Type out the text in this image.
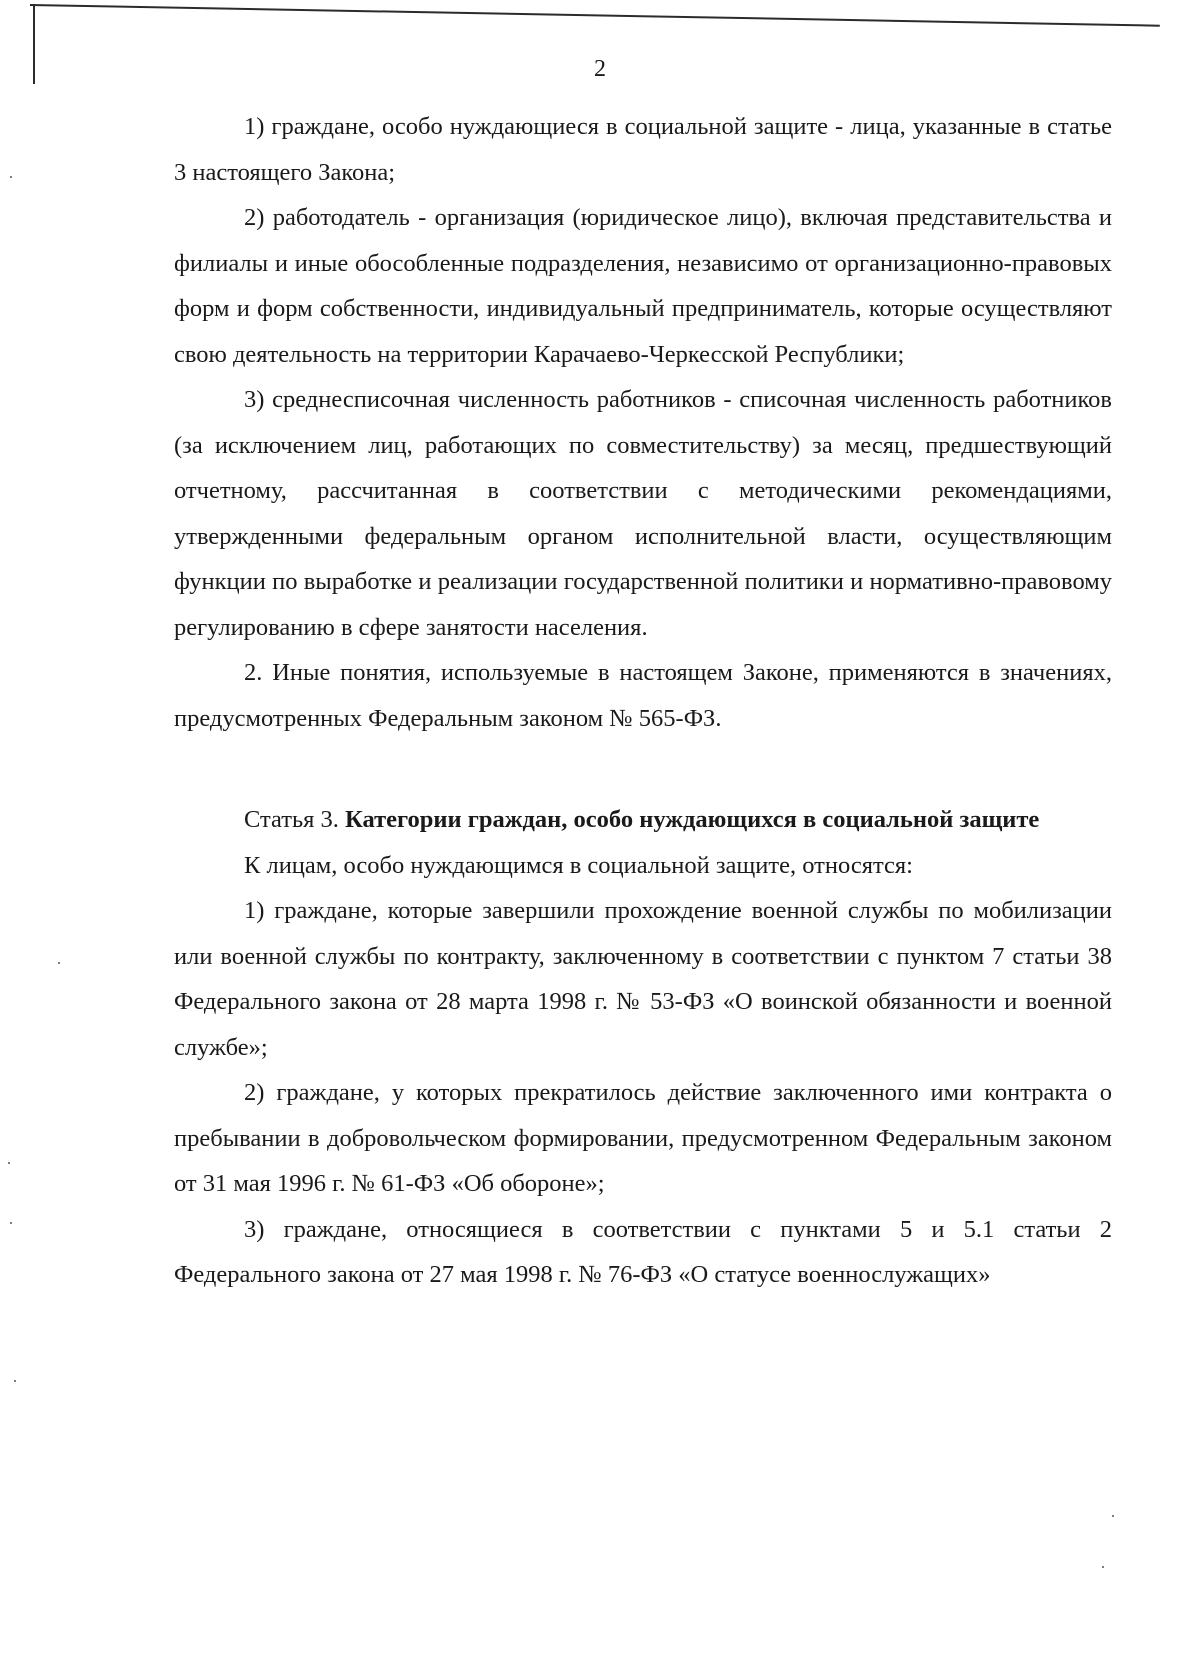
2

1) граждане, особо нуждающиеся в социальной защите - лица, указанные в статье 3 настоящего Закона;

2) работодатель - организация (юридическое лицо), включая представительства и филиалы и иные обособленные подразделения, независимо от организационно-правовых форм и форм собственности, индивидуальный предприниматель, которые осуществляют свою деятельность на территории Карачаево-Черкесской Республики;

3) среднесписочная численность работников - списочная численность работников (за исключением лиц, работающих по совместительству) за месяц, предшествующий отчетному, рассчитанная в соответствии с методическими рекомендациями, утвержденными федеральным органом исполнительной власти, осуществляющим функции по выработке и реализации государственной политики и нормативно-правовому регулированию в сфере занятости населения.

2. Иные понятия, используемые в настоящем Законе, применяются в значениях, предусмотренных Федеральным законом № 565-ФЗ.

Статья 3. Категории граждан, особо нуждающихся в социальной защите

К лицам, особо нуждающимся в социальной защите, относятся:

1) граждане, которые завершили прохождение военной службы по мобилизации или военной службы по контракту, заключенному в соответствии с пунктом 7 статьи 38 Федерального закона от 28 марта 1998 г. № 53-ФЗ «О воинской обязанности и военной службе»;

2) граждане, у которых прекратилось действие заключенного ими контракта о пребывании в добровольческом формировании, предусмотренном Федеральным законом от 31 мая 1996 г. № 61-ФЗ «Об обороне»;

3) граждане, относящиеся в соответствии с пунктами 5 и 5.1 статьи 2 Федерального закона от 27 мая 1998 г. № 76-ФЗ «О статусе военнослужащих»
